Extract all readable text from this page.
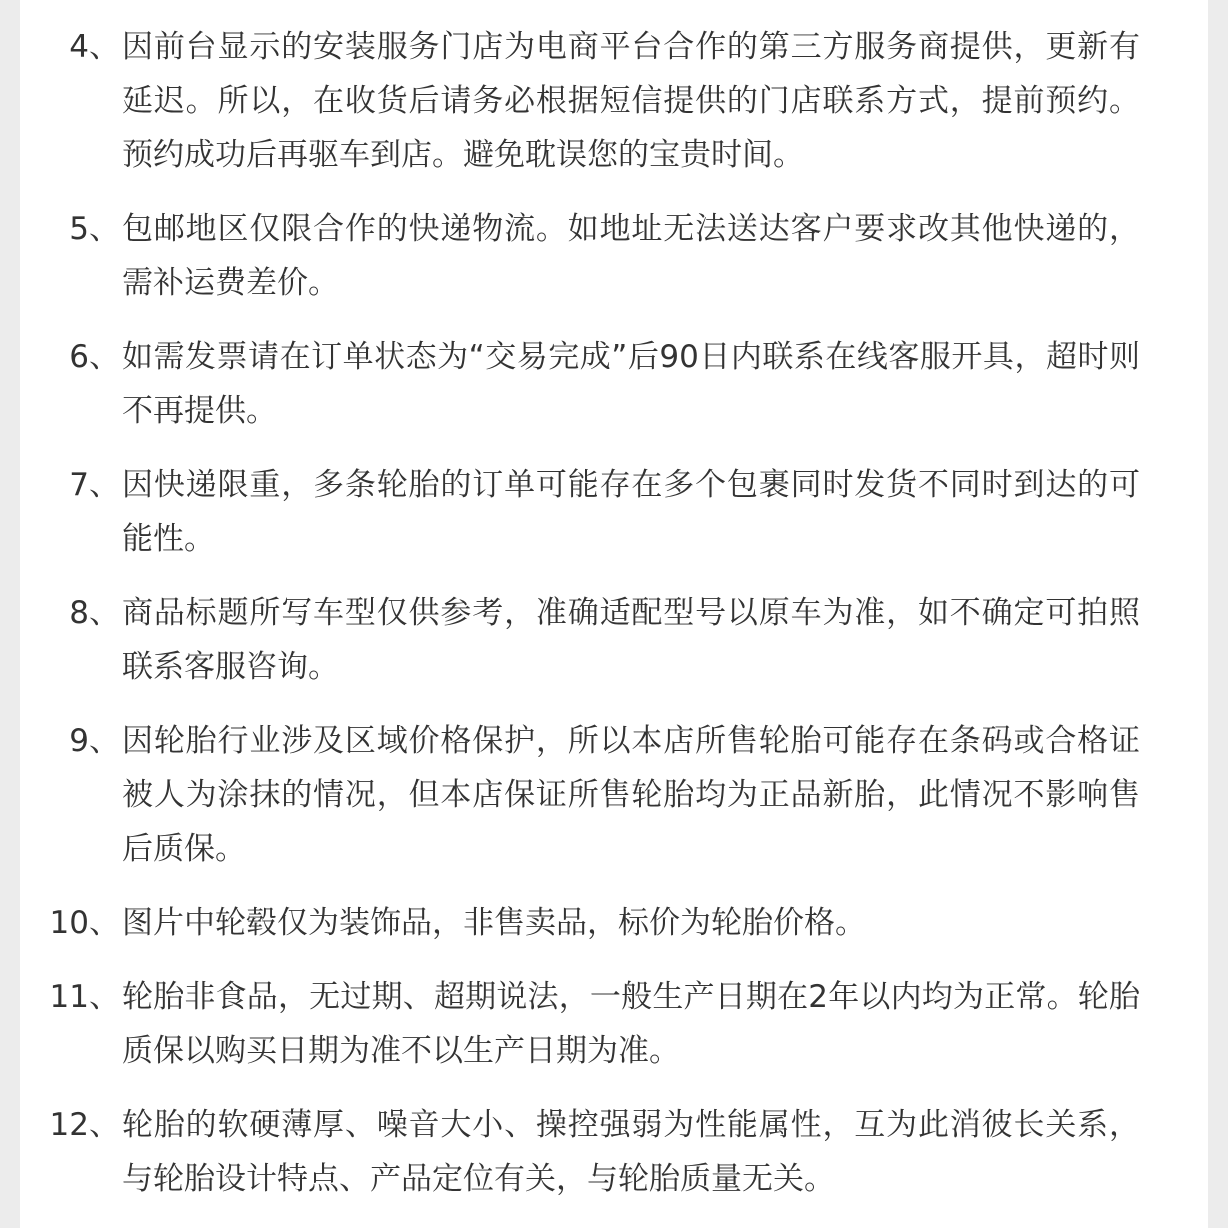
4、 因前台显示的安装服务门店为电商平台合作的第三方服务商提供，更新有延迟。所以，在收货后请务必根据短信提供的门店联系方式，提前预约。预约成功后再驱车到店。避免耽误您的宝贵时间。
5、 包邮地区仅限合作的快递物流。如地址无法送达客户要求改其他快递的，需补运费差价。
6、 如需发票请在订单状态为“交易完成”后90日内联系在线客服开具，超时则不再提供。
7、 因快递限重，多条轮胎的订单可能存在多个包裹同时发货不同时到达的可能性。
8、 商品标题所写车型仅供参考，准确适配型号以原车为准，如不确定可拍照联系客服咨询。
9、 因轮胎行业涉及区域价格保护，所以本店所售轮胎可能存在条码或合格证被人为涂抹的情况，但本店保证所售轮胎均为正品新胎，此情况不影响售后质保。
10、 图片中轮毂仅为装饰品，非售卖品，标价为轮胎价格。
11、 轮胎非食品，无过期、超期说法，一般生产日期在2年以内均为正常。轮胎质保以购买日期为准不以生产日期为准。
12、 轮胎的软硬薄厚、噪音大小、操控强弱为性能属性，互为此消彼长关系，与轮胎设计特点、产品定位有关，与轮胎质量无关。
